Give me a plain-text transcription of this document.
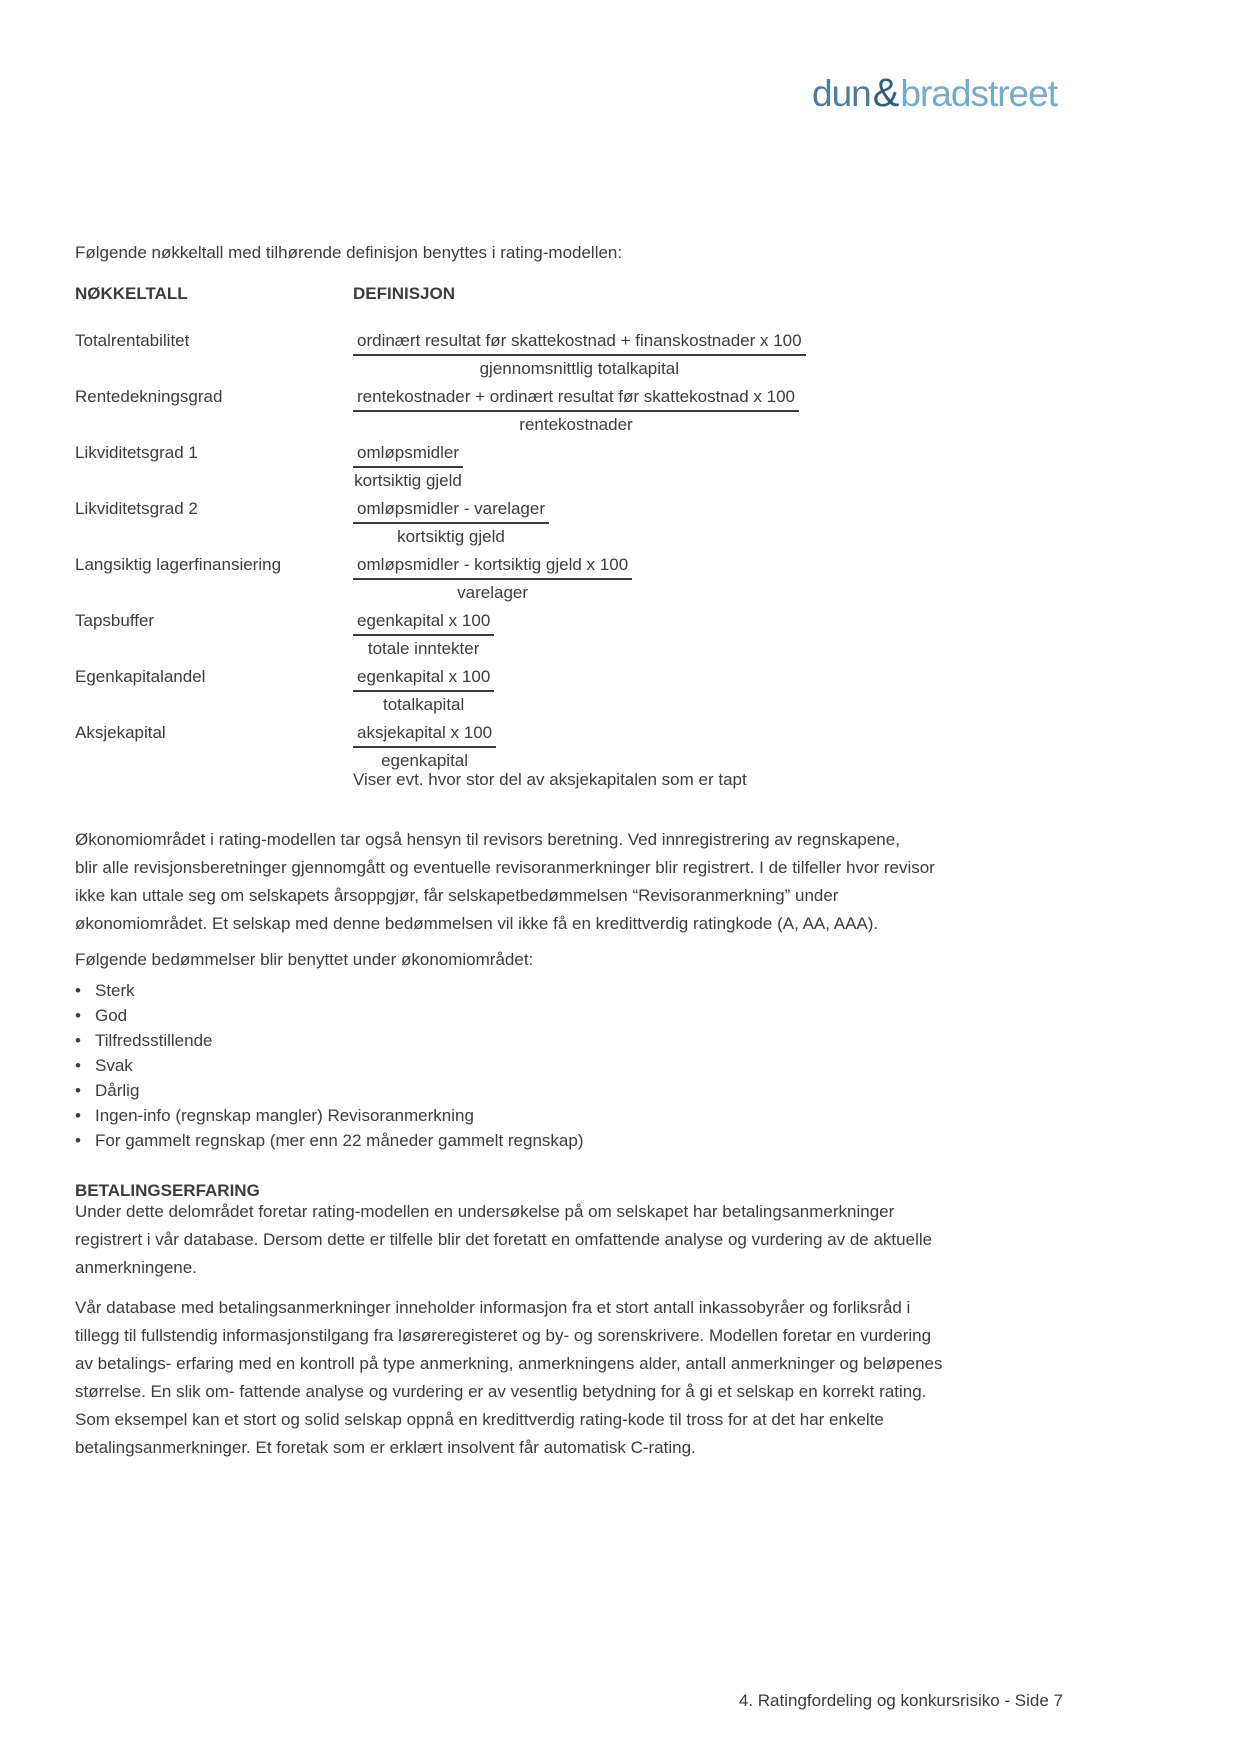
dun&bradstreet
Følgende nøkkeltall med tilhørende definisjon benyttes i rating-modellen:
NØKKELTALL	DEFINISJON
Totalrentabilitet	ordinært resultat før skattekostnad + finanskostnader x 100
gjennomsnittlig totalkapital
Rentedekningsgrad	rentekostnader + ordinært resultat før skattekostnad x 100
rentekostnader
Likviditetsgrad 1	omløpsmidler
kortsiktig gjeld
Likviditetsgrad 2	omløpsmidler - varelager
kortsiktig gjeld
Langsiktig lagerfinansiering	omløpsmidler - kortsiktig gjeld x 100
varelager
Tapsbuffer	egenkapital x 100
totale inntekter
Egenkapitalandel	egenkapital x 100
totalkapital
Aksjekapital	aksjekapital x 100
egenkapital
Viser evt. hvor stor del av aksjekapitalen som er tapt
Økonomiområdet i rating-modellen tar også hensyn til revisors beretning. Ved innregistrering av regnskapene,
blir alle revisjonsberetninger gjennomgått og eventuelle revisoranmerkninger blir registrert. I de tilfeller hvor revisor
ikke kan uttale seg om selskapets årsoppgjør, får selskapetbedømmelsen “Revisoranmerkning” under
økonomiområdet. Et selskap med denne bedømmelsen vil ikke få en kredittverdig ratingkode (A, AA, AAA).
Følgende bedømmelser blir benyttet under økonomiområdet:
• Sterk
• God
• Tilfredsstillende
• Svak
• Dårlig
• Ingen-info (regnskap mangler) Revisoranmerkning
• For gammelt regnskap (mer enn 22 måneder gammelt regnskap)
BETALINGSERFARING
Under dette delområdet foretar rating-modellen en undersøkelse på om selskapet har betalingsanmerkninger
registrert i vår database. Dersom dette er tilfelle blir det foretatt en omfattende analyse og vurdering av de aktuelle
anmerkningene.
Vår database med betalingsanmerkninger inneholder informasjon fra et stort antall inkassobyråer og forliksråd i
tillegg til fullstendig informasjonstilgang fra løsøreregisteret og by- og sorenskrivere. Modellen foretar en vurdering
av betalings- erfaring med en kontroll på type anmerkning, anmerkningens alder, antall anmerkninger og beløpenes
størrelse. En slik om- fattende analyse og vurdering er av vesentlig betydning for å gi et selskap en korrekt rating.
Som eksempel kan et stort og solid selskap oppnå en kredittverdig rating-kode til tross for at det har enkelte
betalingsanmerkninger. Et foretak som er erklært insolvent får automatisk C-rating.
4. Ratingfordeling og konkursrisiko - Side 7
